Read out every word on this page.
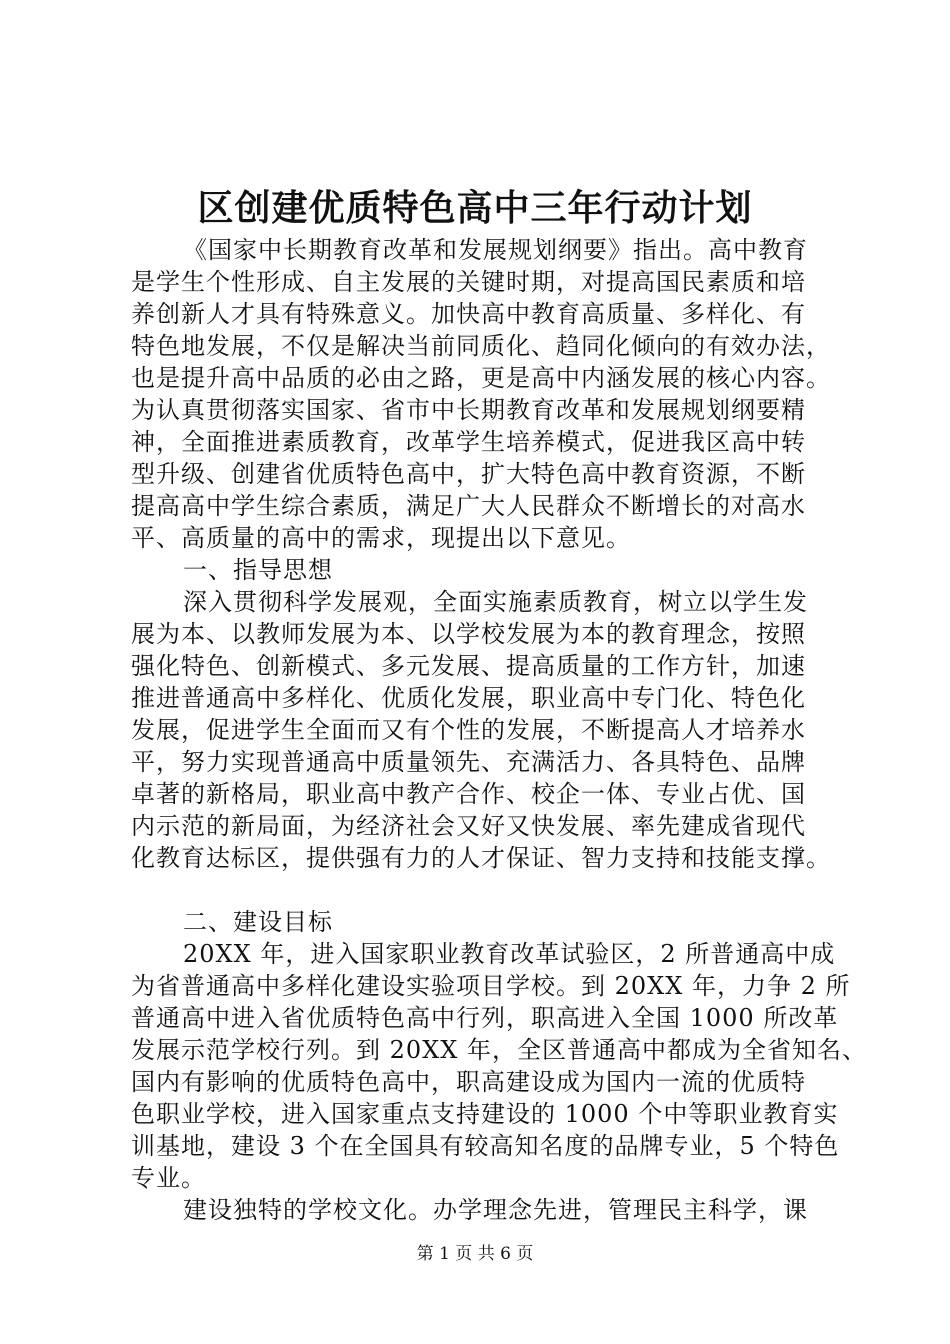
区创建优质特色高中三年行动计划
《国家中长期教育改革和发展规划纲要》指出。高中教育
是学生个性形成、自主发展的关键时期，对提高国民素质和培
养创新人才具有特殊意义。加快高中教育高质量、多样化、有
特色地发展，不仅是解决当前同质化、趋同化倾向的有效办法，
也是提升高中品质的必由之路，更是高中内涵发展的核心内容。
为认真贯彻落实国家、省市中长期教育改革和发展规划纲要精
神，全面推进素质教育，改革学生培养模式，促进我区高中转
型升级、创建省优质特色高中，扩大特色高中教育资源，不断
提高高中学生综合素质，满足广大人民群众不断增长的对高水
平、高质量的高中的需求，现提出以下意见。
一、指导思想
深入贯彻科学发展观，全面实施素质教育，树立以学生发
展为本、以教师发展为本、以学校发展为本的教育理念，按照
强化特色、创新模式、多元发展、提高质量的工作方针，加速
推进普通高中多样化、优质化发展，职业高中专门化、特色化
发展，促进学生全面而又有个性的发展，不断提高人才培养水
平，努力实现普通高中质量领先、充满活力、各具特色、品牌
卓著的新格局，职业高中教产合作、校企一体、专业占优、国
内示范的新局面，为经济社会又好又快发展、率先建成省现代
化教育达标区，提供强有力的人才保证、智力支持和技能支撑。
二、建设目标
20XX 年，进入国家职业教育改革试验区，2 所普通高中成
为省普通高中多样化建设实验项目学校。到 20XX 年，力争 2 所
普通高中进入省优质特色高中行列，职高进入全国 1000 所改革
发展示范学校行列。到 20XX 年，全区普通高中都成为全省知名、
国内有影响的优质特色高中，职高建设成为国内一流的优质特
色职业学校，进入国家重点支持建设的 1000 个中等职业教育实
训基地，建设 3 个在全国具有较高知名度的品牌专业，5 个特色
专业。
建设独特的学校文化。办学理念先进，管理民主科学，课
第 1 页 共 6 页
